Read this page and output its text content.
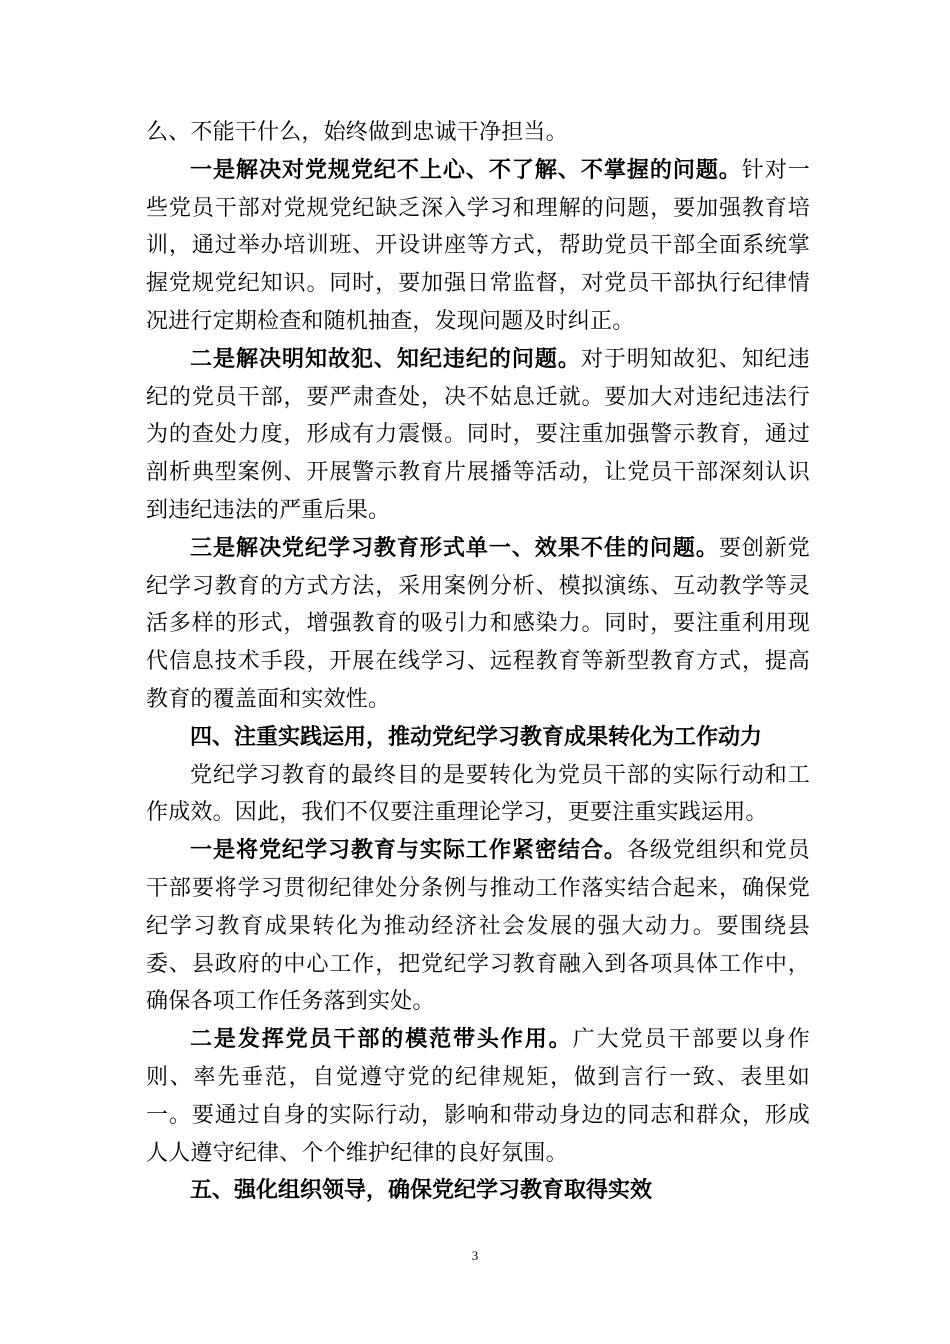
么、不能干什么，始终做到忠诚干净担当。

一是解决对党规党纪不上心、不了解、不掌握的问题。针对一些党员干部对党规党纪缺乏深入学习和理解的问题，要加强教育培训，通过举办培训班、开设讲座等方式，帮助党员干部全面系统掌握党规党纪知识。同时，要加强日常监督，对党员干部执行纪律情况进行定期检查和随机抽查，发现问题及时纠正。

二是解决明知故犯、知纪违纪的问题。对于明知故犯、知纪违纪的党员干部，要严肃查处，决不姑息迁就。要加大对违纪违法行为的查处力度，形成有力震慑。同时，要注重加强警示教育，通过剖析典型案例、开展警示教育片展播等活动，让党员干部深刻认识到违纪违法的严重后果。

三是解决党纪学习教育形式单一、效果不佳的问题。要创新党纪学习教育的方式方法，采用案例分析、模拟演练、互动教学等灵活多样的形式，增强教育的吸引力和感染力。同时，要注重利用现代信息技术手段，开展在线学习、远程教育等新型教育方式，提高教育的覆盖面和实效性。

四、注重实践运用，推动党纪学习教育成果转化为工作动力

党纪学习教育的最终目的是要转化为党员干部的实际行动和工作成效。因此，我们不仅要注重理论学习，更要注重实践运用。

一是将党纪学习教育与实际工作紧密结合。各级党组织和党员干部要将学习贯彻纪律处分条例与推动工作落实结合起来，确保党纪学习教育成果转化为推动经济社会发展的强大动力。要围绕县委、县政府的中心工作，把党纪学习教育融入到各项具体工作中，确保各项工作任务落到实处。

二是发挥党员干部的模范带头作用。广大党员干部要以身作则、率先垂范，自觉遵守党的纪律规矩，做到言行一致、表里如一。要通过自身的实际行动，影响和带动身边的同志和群众，形成人人遵守纪律、个个维护纪律的良好氛围。

五、强化组织领导，确保党纪学习教育取得实效

3
